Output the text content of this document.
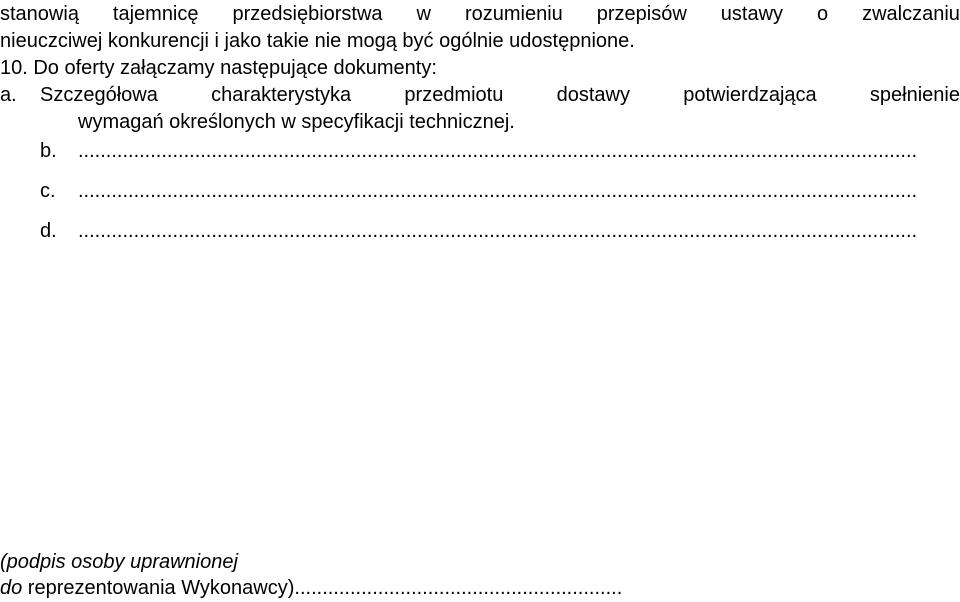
stanowią tajemnicę przedsiębiorstwa w rozumieniu przepisów ustawy o zwalczaniu
nieuczciwej konkurencji i jako takie nie mogą być ogólnie udostępnione.
10. Do oferty załączamy następujące dokumenty:
a. Szczegółowa	charakterystyka	przedmiotu	dostawy	potwierdzająca	spełnienie
wymagań określonych w specyfikacji technicznej.
b. .......................................................................................................................................................
c. .......................................................................................................................................................
d. .......................................................................................................................................................
(podpis osoby uprawnionej
do reprezentowania Wykonawcy)...........................................................
